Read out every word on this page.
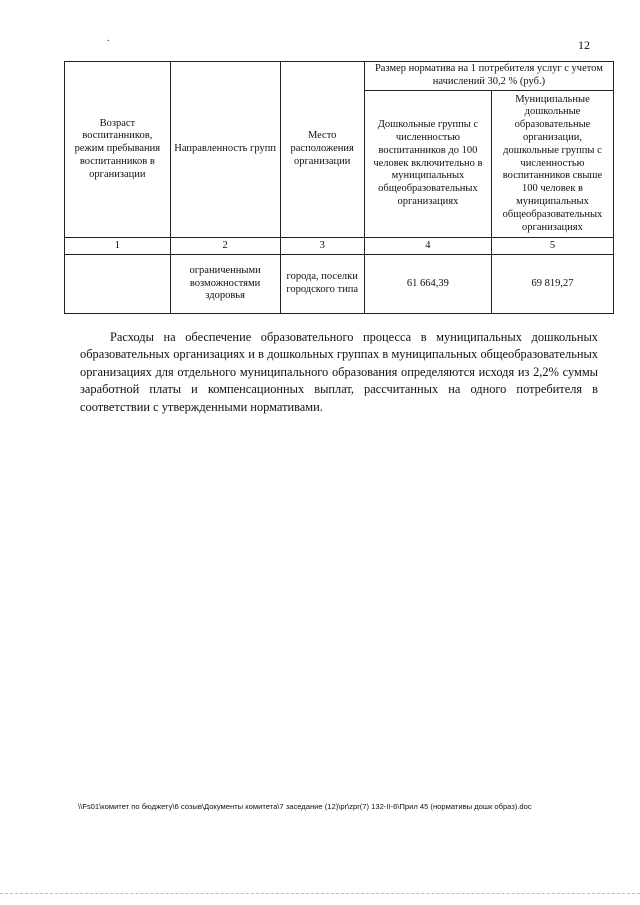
.	12
Возраст воспитанников, режим пребывания воспитанников в организации	Направленность групп	Место расположения организации	Размер норматива на 1 потребителя услуг с учетом начислений 30,2 % (руб.)	
			Дошкольные группы с численностью воспитанников до 100 человек включительно в муниципальных общеобразовательных организациях	Муниципальные дошкольные образовательные организации, дошкольные группы с численностью воспитанников свыше 100 человек в муниципальных общеобразовательных организациях
1	2	3	4	5
	ограниченными возможностями здоровья	города, поселки городского типа	61 664,39	69 819,27

Расходы на обеспечение образовательного процесса в муниципальных дошкольных образовательных организациях и в дошкольных группах в муниципальных общеобразовательных организациях для отдельного муниципального образования определяются исходя из 2,2% суммы заработной платы и компенсационных выплат, рассчитанных на одного потребителя в соответствии с утвержденными нормативами.

\\Fs01\комитет по бюджету\6 созыв\Документы комитета\7 заседание (12)\pr\zpr(7) 132-II-6\Прил 45 (нормативы дошк образ).doc
